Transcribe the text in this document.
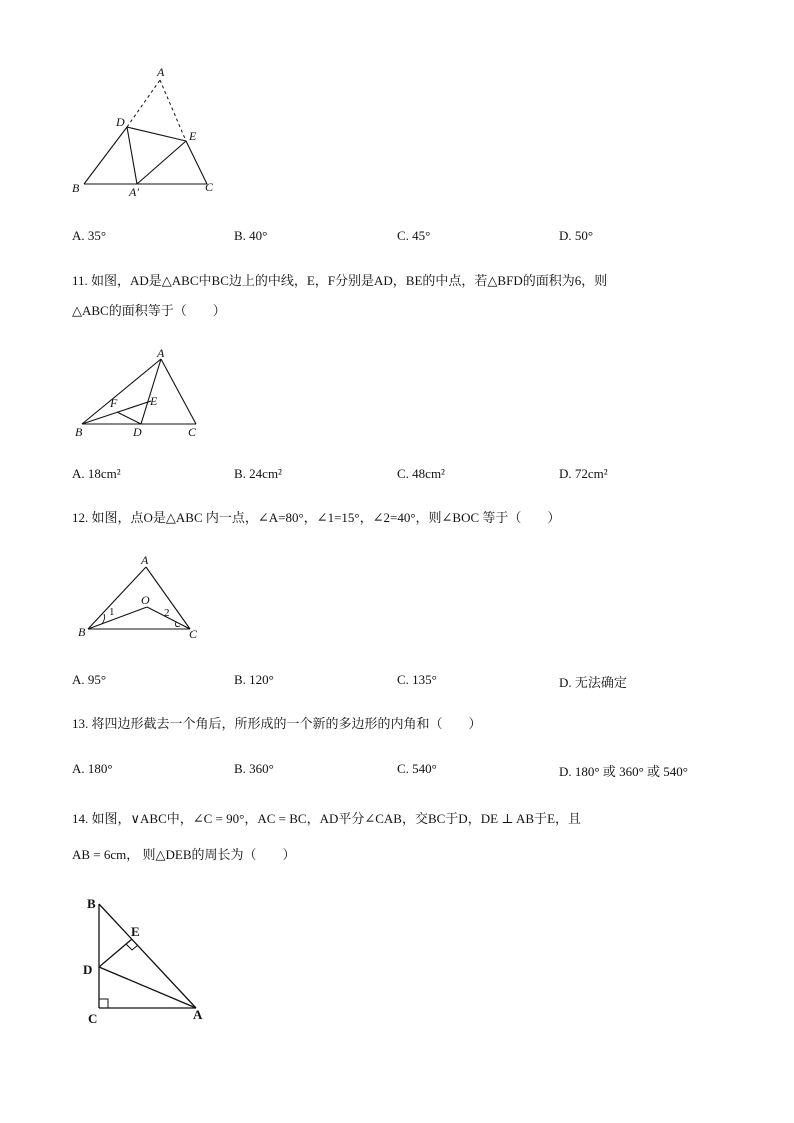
A
D
E
B	A′	C
A. 35°	B. 40°	C. 45°	D. 50°
11. 如图，AD是△ABC中BC边上的中线，E，F分别是AD，BE的中点，若△BFD的面积为6，则
△ABC的面积等于（　　）
A
F	E
B	D	C
A. 18cm²	B. 24cm²	C. 48cm²	D. 72cm²
12. 如图，点O是△ABC 内一点，∠A=80°，∠1=15°，∠2=40°，则∠BOC 等于（　　）
A
O
1	2
B	C
A. 95°	B. 120°	C. 135°	D. 无法确定
13. 将四边形截去一个角后，所形成的一个新的多边形的内角和（　　）
A. 180°	B. 360°	C. 540°	D. 180° 或 360° 或 540°
14. 如图，∨ABC中，∠C = 90°，AC = BC，AD平分∠CAB，交BC于D，DE ⊥ AB于E，且
AB = 6cm， 则△DEB的周长为（　　）
B
E
D
C	A
